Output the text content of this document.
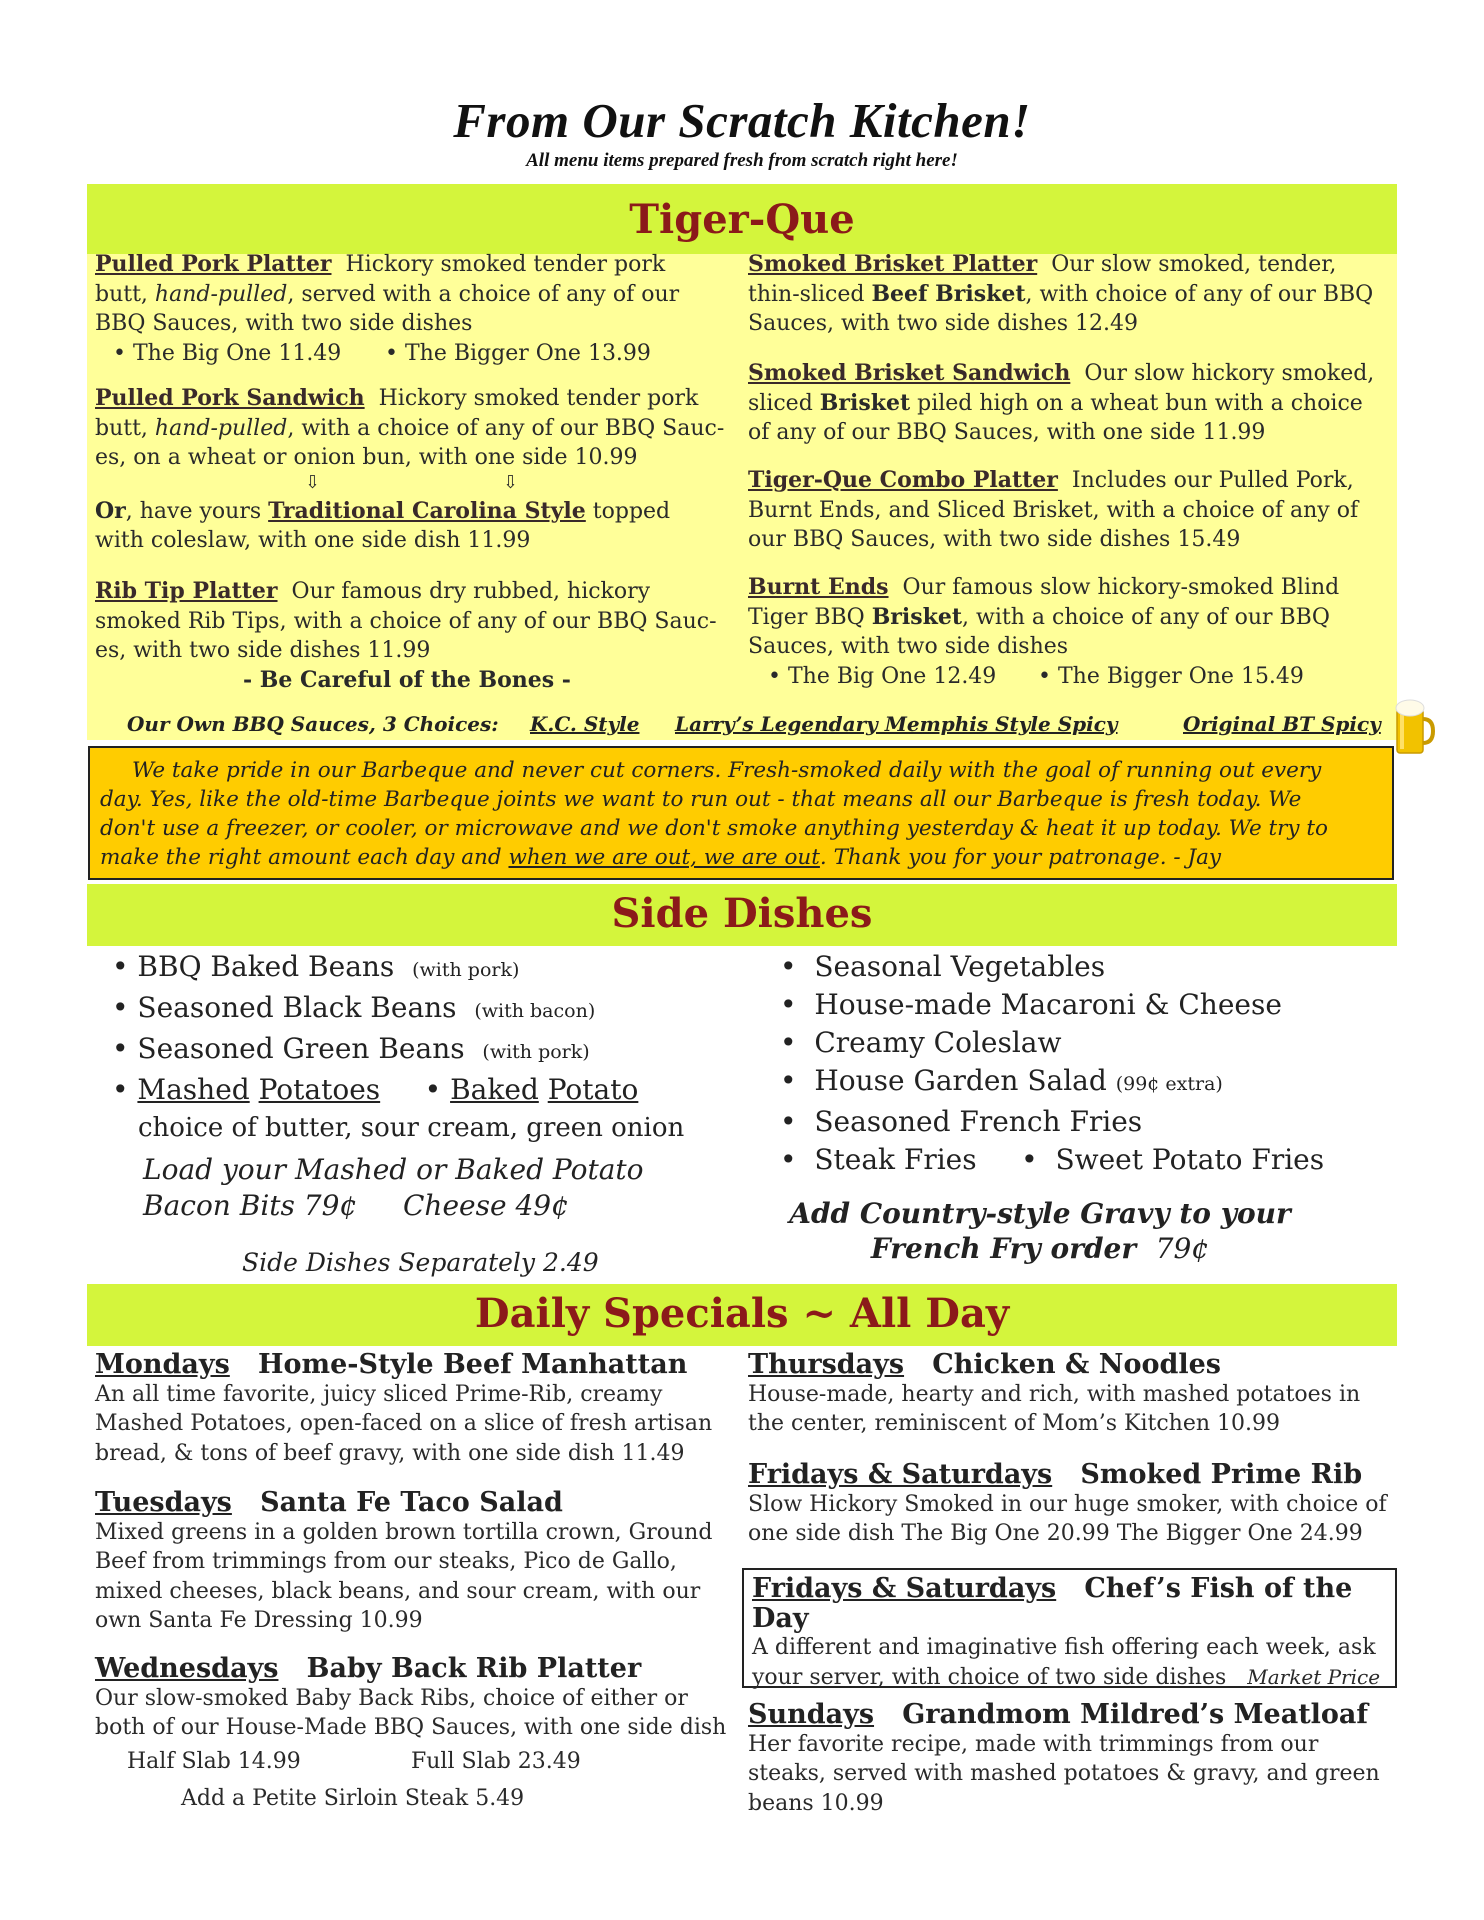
From Our Scratch Kitchen!
All menu items prepared fresh from scratch right here!
Tiger-Que
Pulled Pork Platter Hickory smoked tender pork
butt, hand-pulled, served with a choice of any of our
BBQ Sauces, with two side dishes
• The Big One 11.49 • The Bigger One 13.99
Pulled Pork Sandwich Hickory smoked tender pork
butt, hand-pulled, with a choice of any of our BBQ Sauc-
es, on a wheat or onion bun, with one side 10.99
⇩	⇩
Or, have yours Traditional Carolina Style topped
with coleslaw, with one side dish 11.99
Rib Tip Platter Our famous dry rubbed, hickory
smoked Rib Tips, with a choice of any of our BBQ Sauc-
es, with two side dishes 11.99
- Be Careful of the Bones -
Smoked Brisket Platter Our slow smoked, tender,
thin-sliced Beef Brisket, with choice of any of our BBQ
Sauces, with two side dishes 12.49
Smoked Brisket Sandwich Our slow hickory smoked,
sliced Brisket piled high on a wheat bun with a choice
of any of our BBQ Sauces, with one side 11.99
Tiger-Que Combo Platter Includes our Pulled Pork,
Burnt Ends, and Sliced Brisket, with a choice of any of
our BBQ Sauces, with two side dishes 15.49
Burnt Ends Our famous slow hickory-smoked Blind
Tiger BBQ Brisket, with a choice of any of our BBQ
Sauces, with two side dishes
• The Big One 12.49 • The Bigger One 15.49
Our Own BBQ Sauces, 3 Choices: K.C. Style Larry’s Legendary Memphis Style Spicy	Original BT Spicy
We take pride in our Barbeque and never cut corners. Fresh-smoked daily with the goal of running out every
day. Yes, like the old-time Barbeque joints we want to run out - that means all our Barbeque is fresh today. We
don't use a freezer, or cooler, or microwave and we don't smoke anything yesterday & heat it up today. We try to
make the right amount each day and when we are out, we are out. Thank you for your patronage. - Jay
Side Dishes
• BBQ Baked Beans (with pork)
• Seasoned Black Beans (with bacon)
• Seasoned Green Beans (with pork)
• Mashed Potatoes     • Baked Potato
choice of butter, sour cream, green onion
Load your Mashed or Baked Potato
Bacon Bits 79¢ Cheese 49¢
Side Dishes Separately 2.49
•  Seasonal Vegetables
•  House-made Macaroni & Cheese
•  Creamy Coleslaw
•  House Garden Salad (99¢ extra)
•  Seasoned French Fries
•  Steak Fries     •  Sweet Potato Fries
Add Country-style Gravy to your
French Fry order 79¢
Daily Specials ~ All Day
Mondays Home-Style Beef Manhattan
An all time favorite, juicy sliced Prime-Rib, creamy
Mashed Potatoes, open-faced on a slice of fresh artisan
bread, & tons of beef gravy, with one side dish 11.49
Tuesdays Santa Fe Taco Salad
Mixed greens in a golden brown tortilla crown, Ground
Beef from trimmings from our steaks, Pico de Gallo,
mixed cheeses, black beans, and sour cream, with our
own Santa Fe Dressing 10.99
Wednesdays Baby Back Rib Platter
Our slow-smoked Baby Back Ribs, choice of either or
both of our House-Made BBQ Sauces, with one side dish
Half Slab 14.99	Full Slab 23.49
Add a Petite Sirloin Steak 5.49
Thursdays Chicken & Noodles
House-made, hearty and rich, with mashed potatoes in
the center, reminiscent of Mom’s Kitchen 10.99
Fridays & Saturdays Smoked Prime Rib
Slow Hickory Smoked in our huge smoker, with choice of
one side dish The Big One 20.99 The Bigger One 24.99
Fridays & Saturdays Chef’s Fish of the Day
A different and imaginative fish offering each week, ask
your server, with choice of two side dishes Market Price
Sundays Grandmom Mildred’s Meatloaf
Her favorite recipe, made with trimmings from our
steaks, served with mashed potatoes & gravy, and green
beans 10.99
